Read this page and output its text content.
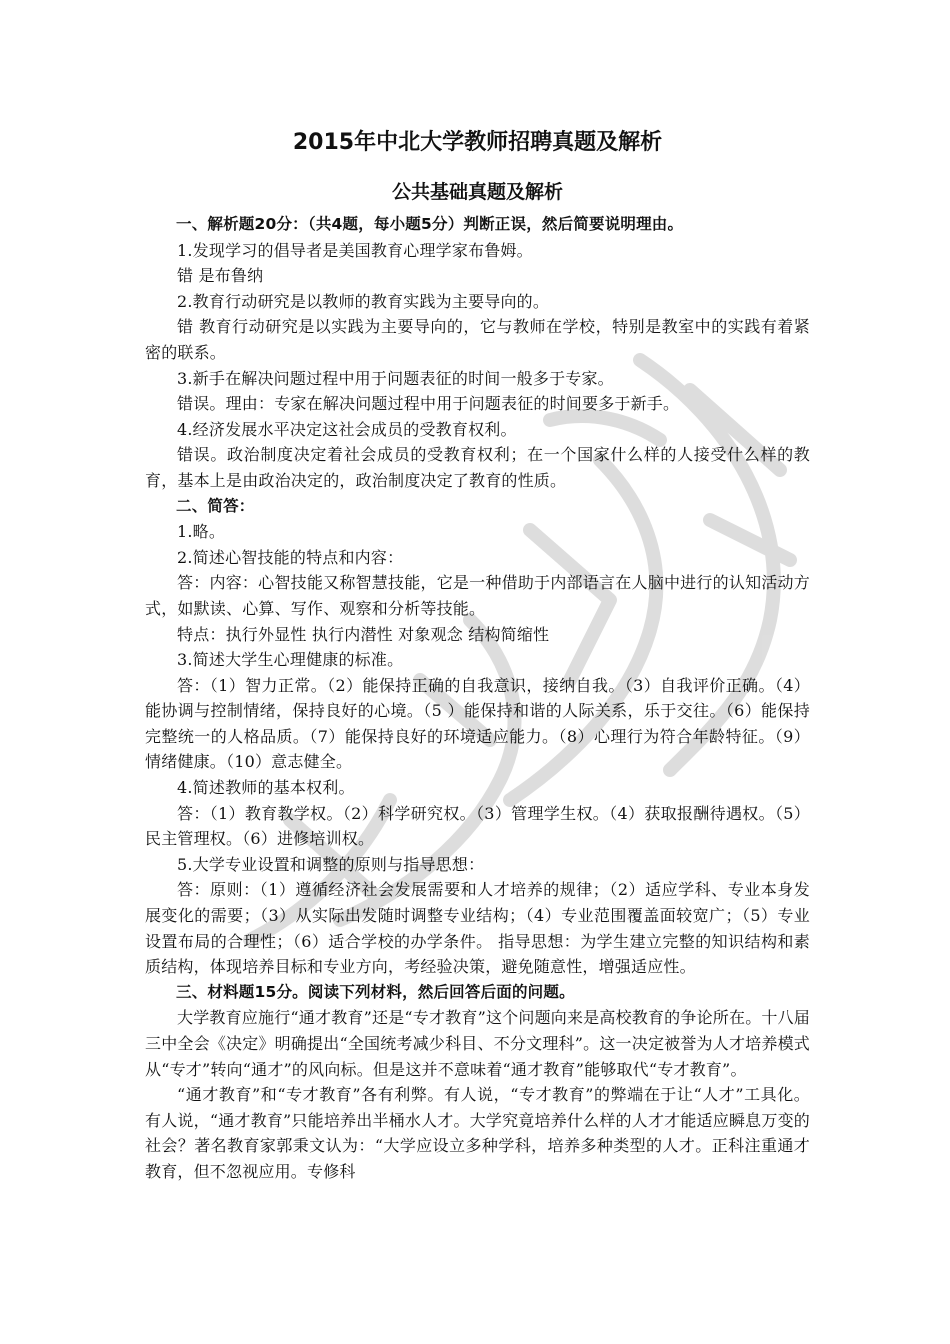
2015年中北大学教师招聘真题及解析
公共基础真题及解析

一、解析题20分：（共4题，每小题5分）判断正误，然后简要说明理由。

1.发现学习的倡导者是美国教育心理学家布鲁姆。

错 是布鲁纳

2.教育行动研究是以教师的教育实践为主要导向的。

错 教育行动研究是以实践为主要导向的，它与教师在学校，特别是教室中的实践有着紧密的联系。

3.新手在解决问题过程中用于问题表征的时间一般多于专家。

错误。理由：专家在解决问题过程中用于问题表征的时间要多于新手。

4.经济发展水平决定这社会成员的受教育权利。

错误。政治制度决定着社会成员的受教育权利；在一个国家什么样的人接受什么样的教育，基本上是由政治决定的，政治制度决定了教育的性质。

二、简答：

1.略。

2.简述心智技能的特点和内容：

答：内容：心智技能又称智慧技能，它是一种借助于内部语言在人脑中进行的认知活动方式，如默读、心算、写作、观察和分析等技能。

特点：执行外显性 执行内潜性 对象观念 结构简缩性

3.简述大学生心理健康的标准。

答：（1）智力正常。（2）能保持正确的自我意识，接纳自我。（3）自我评价正确。（4）能协调与控制情绪，保持良好的心境。（5 ）能保持和谐的人际关系，乐于交往。（6）能保持完整统一的人格品质。（7）能保持良好的环境适应能力。（8）心理行为符合年龄特征。（9）情绪健康。（10）意志健全。

4.简述教师的基本权利。

答：（1）教育教学权。（2）科学研究权。（3）管理学生权。（4）获取报酬待遇权。（5）民主管理权。（6）进修培训权。

5.大学专业设置和调整的原则与指导思想：

答：原则：（1）遵循经济社会发展需要和人才培养的规律；（2）适应学科、专业本身发展变化的需要；（3）从实际出发随时调整专业结构；（4）专业范围覆盖面较宽广；（5）专业设置布局的合理性；（6）适合学校的办学条件。 指导思想：为学生建立完整的知识结构和素质结构，体现培养目标和专业方向，考经验决策，避免随意性，增强适应性。

三、材料题15分。阅读下列材料，然后回答后面的问题。

大学教育应施行“通才教育”还是“专才教育”这个问题向来是高校教育的争论所在。十八届三中全会《决定》明确提出“全国统考减少科目、不分文理科”。这一决定被誉为人才培养模式从“专才”转向“通才”的风向标。但是这并不意味着“通才教育”能够取代“专才教育”。

“通才教育”和“专才教育”各有利弊。有人说，“专才教育”的弊端在于让“人才”工具化。有人说，“通才教育”只能培养出半桶水人才。大学究竟培养什么样的人才才能适应瞬息万变的社会？著名教育家郭秉文认为：“大学应设立多种学科，培养多种类型的人才。正科注重通才教育，但不忽视应用。专修科
